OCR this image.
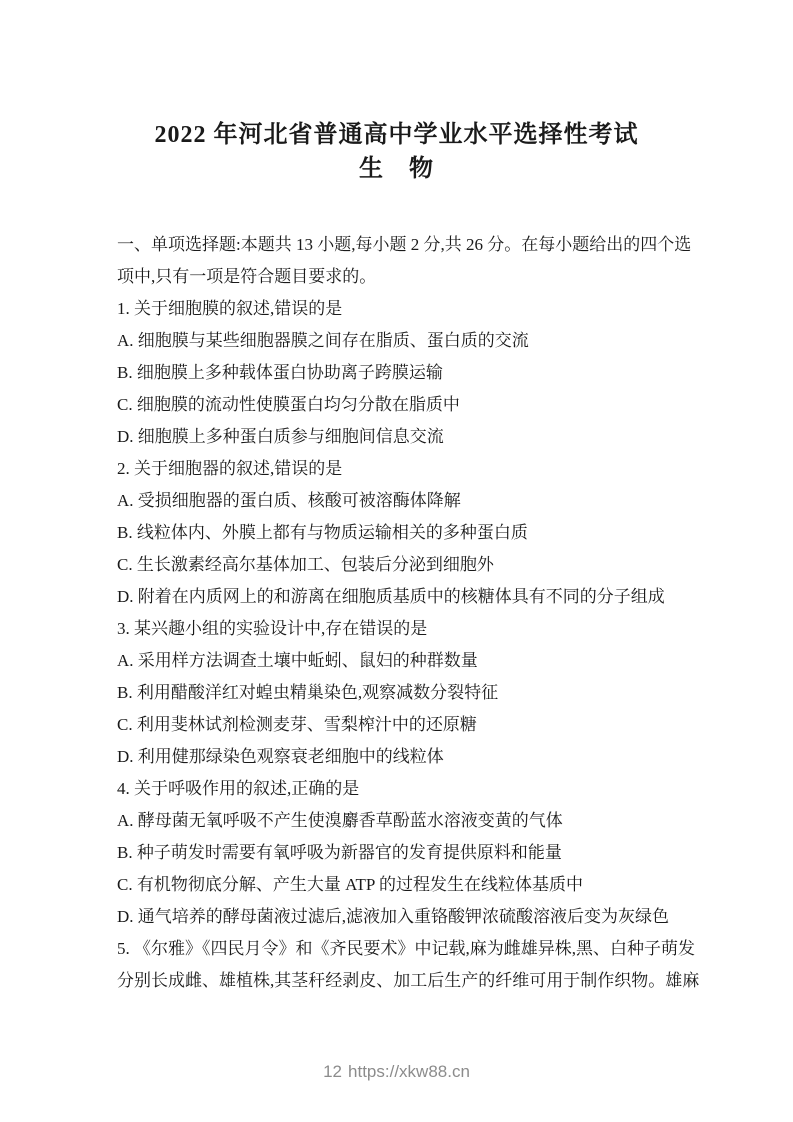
2022 年河北省普通高中学业水平选择性考试
生　物
一、单项选择题:本题共 13 小题,每小题 2 分,共 26 分。在每小题给出的四个选
项中,只有一项是符合题目要求的。
1. 关于细胞膜的叙述,错误的是
A. 细胞膜与某些细胞器膜之间存在脂质、蛋白质的交流
B. 细胞膜上多种载体蛋白协助离子跨膜运输
C. 细胞膜的流动性使膜蛋白均匀分散在脂质中
D. 细胞膜上多种蛋白质参与细胞间信息交流
2. 关于细胞器的叙述,错误的是
A. 受损细胞器的蛋白质、核酸可被溶酶体降解
B. 线粒体内、外膜上都有与物质运输相关的多种蛋白质
C. 生长激素经高尔基体加工、包装后分泌到细胞外
D. 附着在内质网上的和游离在细胞质基质中的核糖体具有不同的分子组成
3. 某兴趣小组的实验设计中,存在错误的是
A. 采用样方法调查土壤中蚯蚓、鼠妇的种群数量
B. 利用醋酸洋红对蝗虫精巢染色,观察减数分裂特征
C. 利用斐林试剂检测麦芽、雪梨榨汁中的还原糖
D. 利用健那绿染色观察衰老细胞中的线粒体
4. 关于呼吸作用的叙述,正确的是
A. 酵母菌无氧呼吸不产生使溴麝香草酚蓝水溶液变黄的气体
B. 种子萌发时需要有氧呼吸为新器官的发育提供原料和能量
C. 有机物彻底分解、产生大量 ATP 的过程发生在线粒体基质中
D. 通气培养的酵母菌液过滤后,滤液加入重铬酸钾浓硫酸溶液后变为灰绿色
5. 《尔雅》《四民月令》和《齐民要术》中记载,麻为雌雄异株,黑、白种子萌发
分别长成雌、雄植株,其茎秆经剥皮、加工后生产的纤维可用于制作织物。雄麻
12 https://xkw88.cn
